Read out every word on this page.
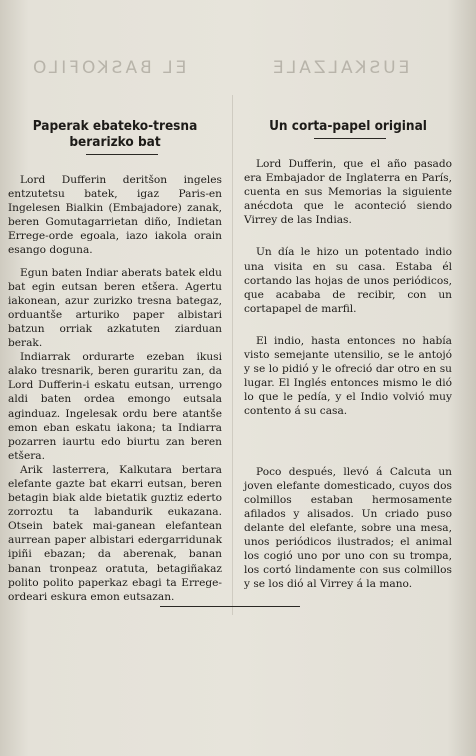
EL BASKOFILO	EUSKALZALE
Paperak ebateko-tresna berarizko bat

Lord Dufferin deritšon ingeles entzutetsu batek, igaz Paris-en Ingelesen Bialkin (Embajadore) zanak, beren Gomutagarrietan diño, Indietan Errege-orde egoala, iazo iakola orain esango doguna.

Egun baten Indiar aberats batek eldu bat egin eutsan beren etšera. Agertu iakonean, azur zurizko tresna bategaz, orduantše arturiko paper albistari batzun orriak azkatuten ziarduan berak.

Indiarrak ordurarte ezeban ikusi alako tresnarik, beren guraritu zan, da Lord Dufferin-i eskatu eutsan, urrengo aldi baten ordea emongo eutsala aginduaz. Ingelesak ordu bere atantše emon eban eskatu iakona; ta Indiarra pozarren iaurtu edo biurtu zan beren etšera.

Arik lasterrera, Kalkutara bertara elefante gazte bat ekarri eutsan, beren betagin biak alde bietatik guztiz ederto zorroztu ta labandurik eukazana. Otsein batek mai-ganean elefantean aurrean paper albistari edergarridunak ipiñi ebazan; da aberenak, banan banan tronpeaz oratuta, betagiñakaz polito polito paperkaz ebagi ta Errege-ordeari eskura emon eutsazan.

Un corta-papel original

Lord Dufferin, que el año pasado era Embajador de Inglaterra en París, cuenta en sus Memorias la siguiente anécdota que le aconteció siendo Virrey de las Indias.

Un día le hizo un potentado indio una visita en su casa. Estaba él cortando las hojas de unos periódicos, que acababa de recibir, con un cortapapel de marfil.

El indio, hasta entonces no había visto semejante utensilio, se le antojó y se lo pidió y le ofreció dar otro en su lugar. El Inglés entonces mismo le dió lo que le pedía, y el Indio volvió muy contento á su casa.

Poco después, llevó á Calcuta un joven elefante domesticado, cuyos dos colmillos estaban hermosamente afilados y alisados. Un criado puso delante del elefante, sobre una mesa, unos periódicos ilustrados; el animal los cogió uno por uno con su trompa, los cortó lindamente con sus colmillos y se los dió al Virrey á la mano.
